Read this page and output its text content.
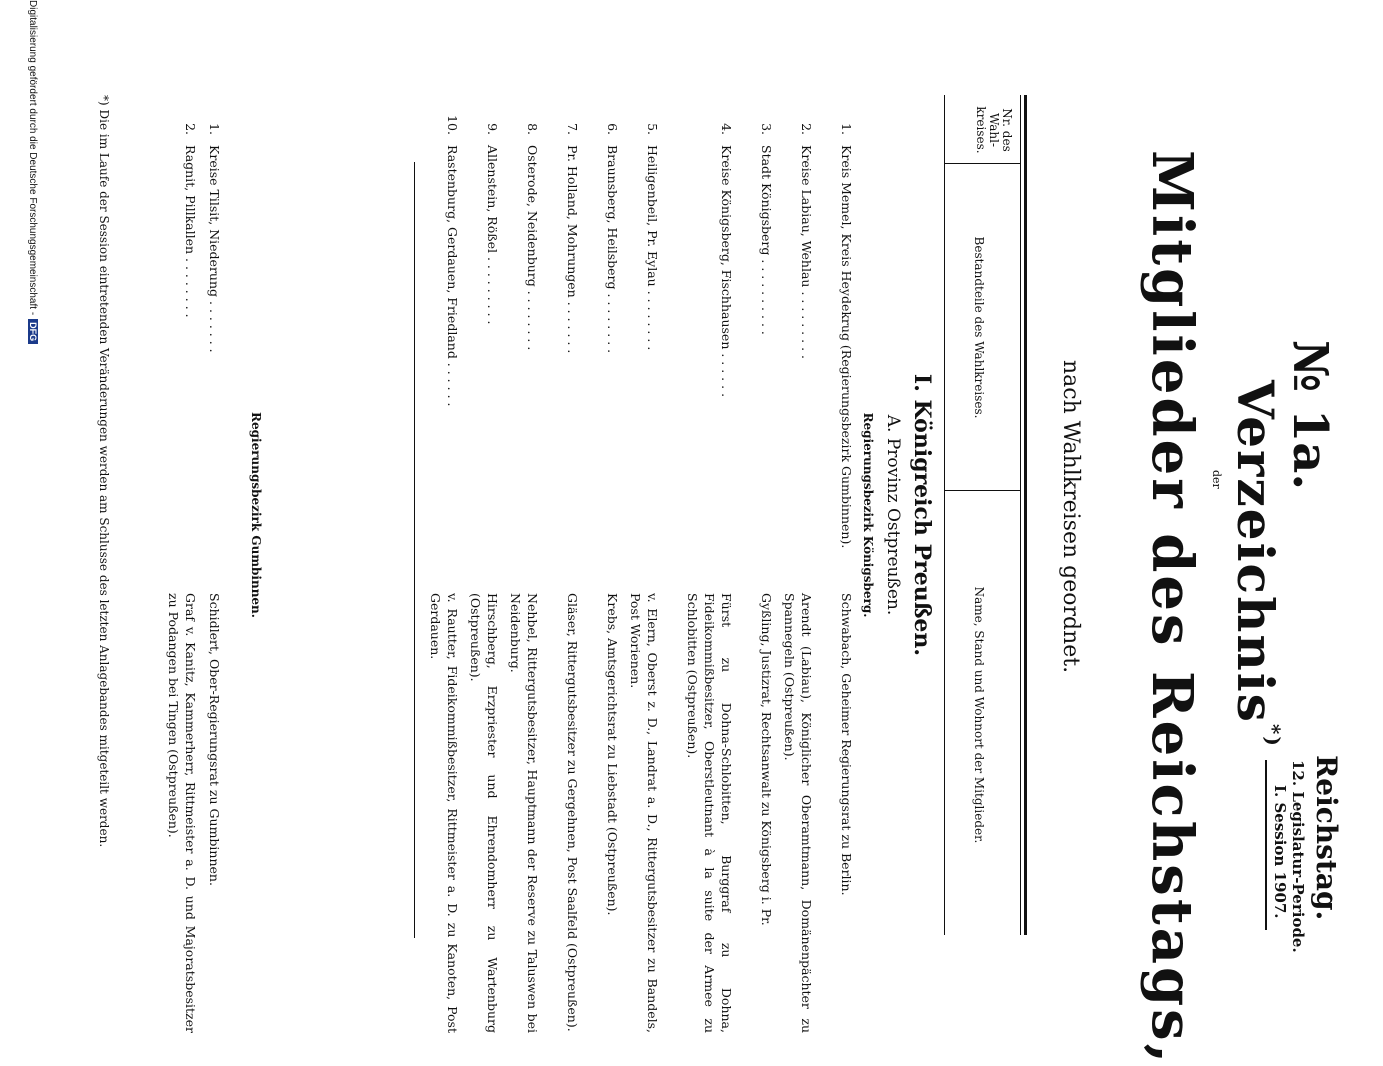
№ 1a.
Reichstag.
12. Legislatur-Periode.
I. Session 1907.
Verzeichnis*)
der
Mitglieder des Reichstags,
nach Wahlkreisen geordnet.
Nr. des Wahl-kreises.
Bestandteile des Wahlkreises.
Name, Stand und Wohnort der Mitglieder.
I. Königreich Preußen.
A. Provinz Ostpreußen.
Regierungsbezirk Königsberg.
1.
Kreis Memel, Kreis Heydekrug (Regierungsbezirk Gumbinnen).
Schwabach, Geheimer Regierungsrat zu Berlin.
2.
Kreise Labiau, Wehlau . . . . . . . . .
Arendt (Labiau), Königlicher Oberamtmann, Domänenpächter zu Spannegeln (Ostpreußen).
3.
Stadt Königsberg . . . . . . . . . .
Gyßling, Justizrat, Rechtsanwalt zu Königsberg i. Pr.
4.
Kreise Königsberg, Fischhausen . . . . . .
Fürst zu Dohna-Schlobitten, Burggraf zu Dohna, Fideikommißbesitzer, Oberstleutnant à la suite der Armee zu Schlobitten (Ostpreußen).
5.
Heiligenbeil, Pr. Eylau . . . . . . . .
v. Elern, Oberst z. D., Landrat a. D., Rittergutsbesitzer zu Bandels, Post Worienen.
6.
Braunsberg, Heilsberg . . . . . . . .
Krebs, Amtsgerichtsrat zu Liebstadt (Ostpreußen).
7.
Pr. Holland, Mohrungen . . . . . . .
Gläser, Rittergutsbesitzer zu Gergehnen, Post Saalfeld (Ostpreußen).
8.
Osterode, Neidenburg . . . . . . . .
Nehbel, Rittergutsbesitzer, Hauptmann der Reserve zu Taluswen bei Neidenburg.
9.
Allenstein, Rößel . . . . . . . . .
Hirschberg, Erzpriester und Ehrendomherr zu Wartenburg (Ostpreußen).
10.
Rastenburg, Gerdauen, Friedland . . . . . .
v. Rautter, Fideikommißbesitzer, Rittmeister a. D. zu Kanoten, Post Gerdauen.
Regierungsbezirk Gumbinnen.
1.
Kreise Tilsit, Niederung . . . . . . .
Schidlert, Ober-Regierungsrat zu Gumbinnen.
2.
Ragnit, Pillkallen . . . . . . . .
Graf v. Kanitz, Kammerherr, Rittmeister a. D. und Majoratsbesitzer zu Podangen bei Tingen (Ostpreußen).
*) Die im Laufe der Session eintretenden Veränderungen werden am Schlusse des letzten Anlagebandes mitgeteilt werden.
Digitalisierung gefördert durch die Deutsche Forschungsgemeinschaft -DFG
